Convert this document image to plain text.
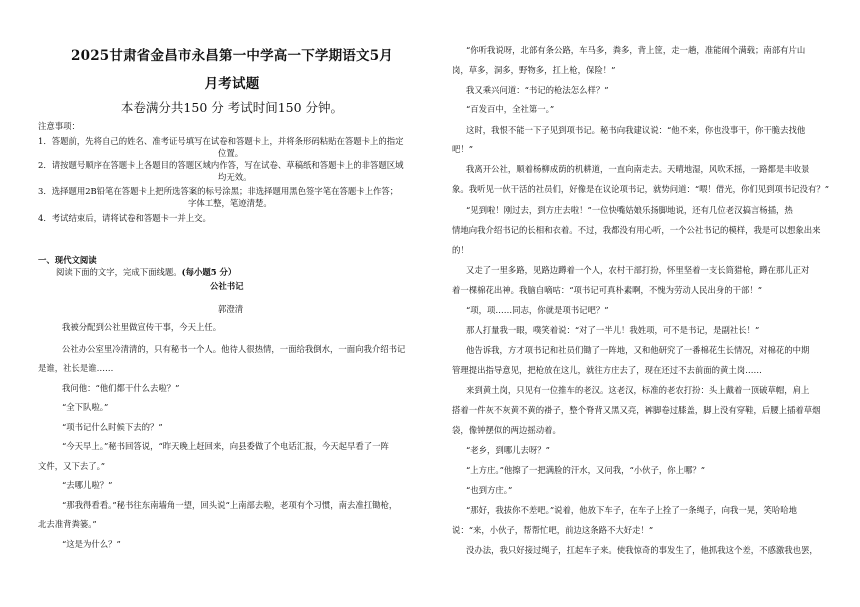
2025甘肃省金昌市永昌第一中学高一下学期语文5月
月考试题
本卷满分共150 分 考试时间150 分钟。
注意事项：
1．答题前，先将自己的姓名、准考证号填写在试卷和答题卡上，并将条形码粘贴在答题卡上的指定
位置。
2．请按题号顺序在答题卡上各题目的答题区域内作答，写在试卷、草稿纸和答题卡上的非答题区域
均无效。
3．选择题用2B铅笔在答题卡上把所选答案的标号涂黑；非选择题用黑色签字笔在答题卡上作答；
字体工整，笔迹清楚。
4．考试结束后，请将试卷和答题卡一并上交。
一、现代文阅读
阅读下面的文字，完成下面线题。(每小题5 分）
公社书记
郭澄清
我被分配到公社里做宣传干事，今天上任。
公社办公室里冷清清的，只有秘书一个人。他待人很热情，一面给我倒水，一面向我介绍书记
是谁，社长是谁……
我问他：“他们都干什么去啦？”
“全下队啦。”
“项书记什么时候下去的？”
“今天早上。”秘书回答说，“昨天晚上赶回来，向县委做了个电话汇报，今天起早看了一阵
文件，又下去了。”
“去哪儿啦？”
“那我得看看。”秘书往东南墙角一望，回头说“上南部去啦，老项有个习惯，南去准扛锄枪，
北去准背粪篓。”
“这是为什么？”
“你听我说呀，北部有条公路，车马多，粪多，背上筐，走一趟，准能闹个满载；南部有片山
岗，草多，洞多，野物多，扛上枪，保险！”
我又乘兴问道：“书记的枪法怎么样？”
“百发百中，全社第一。”
这时，我恨不能一下子见到项书记。秘书向我建议说：“他不来，你也没事干，你干脆去找他
吧！”
我离开公社，顺着杨柳成荫的机耕道，一直向南走去。天晴地湿，风吹禾摇，一路都是丰收景
象。我听见一伙干活的社员们，好像是在议论项书记，就势问道：“喂！借光，你们见到项书记没有？”
“见到啦！刚过去，到方庄去啦！”一位快嘴姑娘乐扬脚地说，还有几位老汉搞言杨插，热
情地向我介绍书记的长相和衣着。不过，我都没有用心听，一个公社书记的模样，我是可以想象出来
的！
又走了一里多路，见路边蹲着一个人，农村干部打扮，怀里坚着一支长筒猎枪，蹲在那儿正对
着一棵棉花出神。我脑自嘀咕：“项书记可真朴素啊，不愧为劳动人民出身的干部！”
“项，项……同志，你就是项书记吧？”
那人打量我一眼，噗笑着说：“对了一半儿！我姓项，可不是书记，是副社长！”
他告诉我，方才项书记和社员们锄了一阵地，又和他研究了一番棉花生长情况，对棉花的中期
管理提出指导意见，把枪放在这儿，就往方庄去了，现在还过不去前面的黄土岗……
来到黄土岗，只见有一位推车的老汉。这老汉，标准的老农打扮：头上戴着一顶破草帽，肩上
搭着一件灰不灰黄不黄的褂子，整个脊背又黑又亮，裤脚卷过膝盖，脚上没有穿鞋，后腰上插着草烟
袋，像钟摆似的两边摇动着。
“老乡，到哪儿去呀？”
“上方庄。”他擦了一把满脸的汗水，又问我，“小伙子，你上哪？”
“也到方庄。”
“那好，我拔你不差吧。”说着，他放下车子，在车子上拴了一条绳子，向我一晃，笑哈哈地
说：“来，小伙子，帮帮忙吧，前边这条路不大好走！”
没办法，我只好接过绳子，扛起车子来。使我惊奇的事发生了，他抓我这个差，不感激我也罢，
